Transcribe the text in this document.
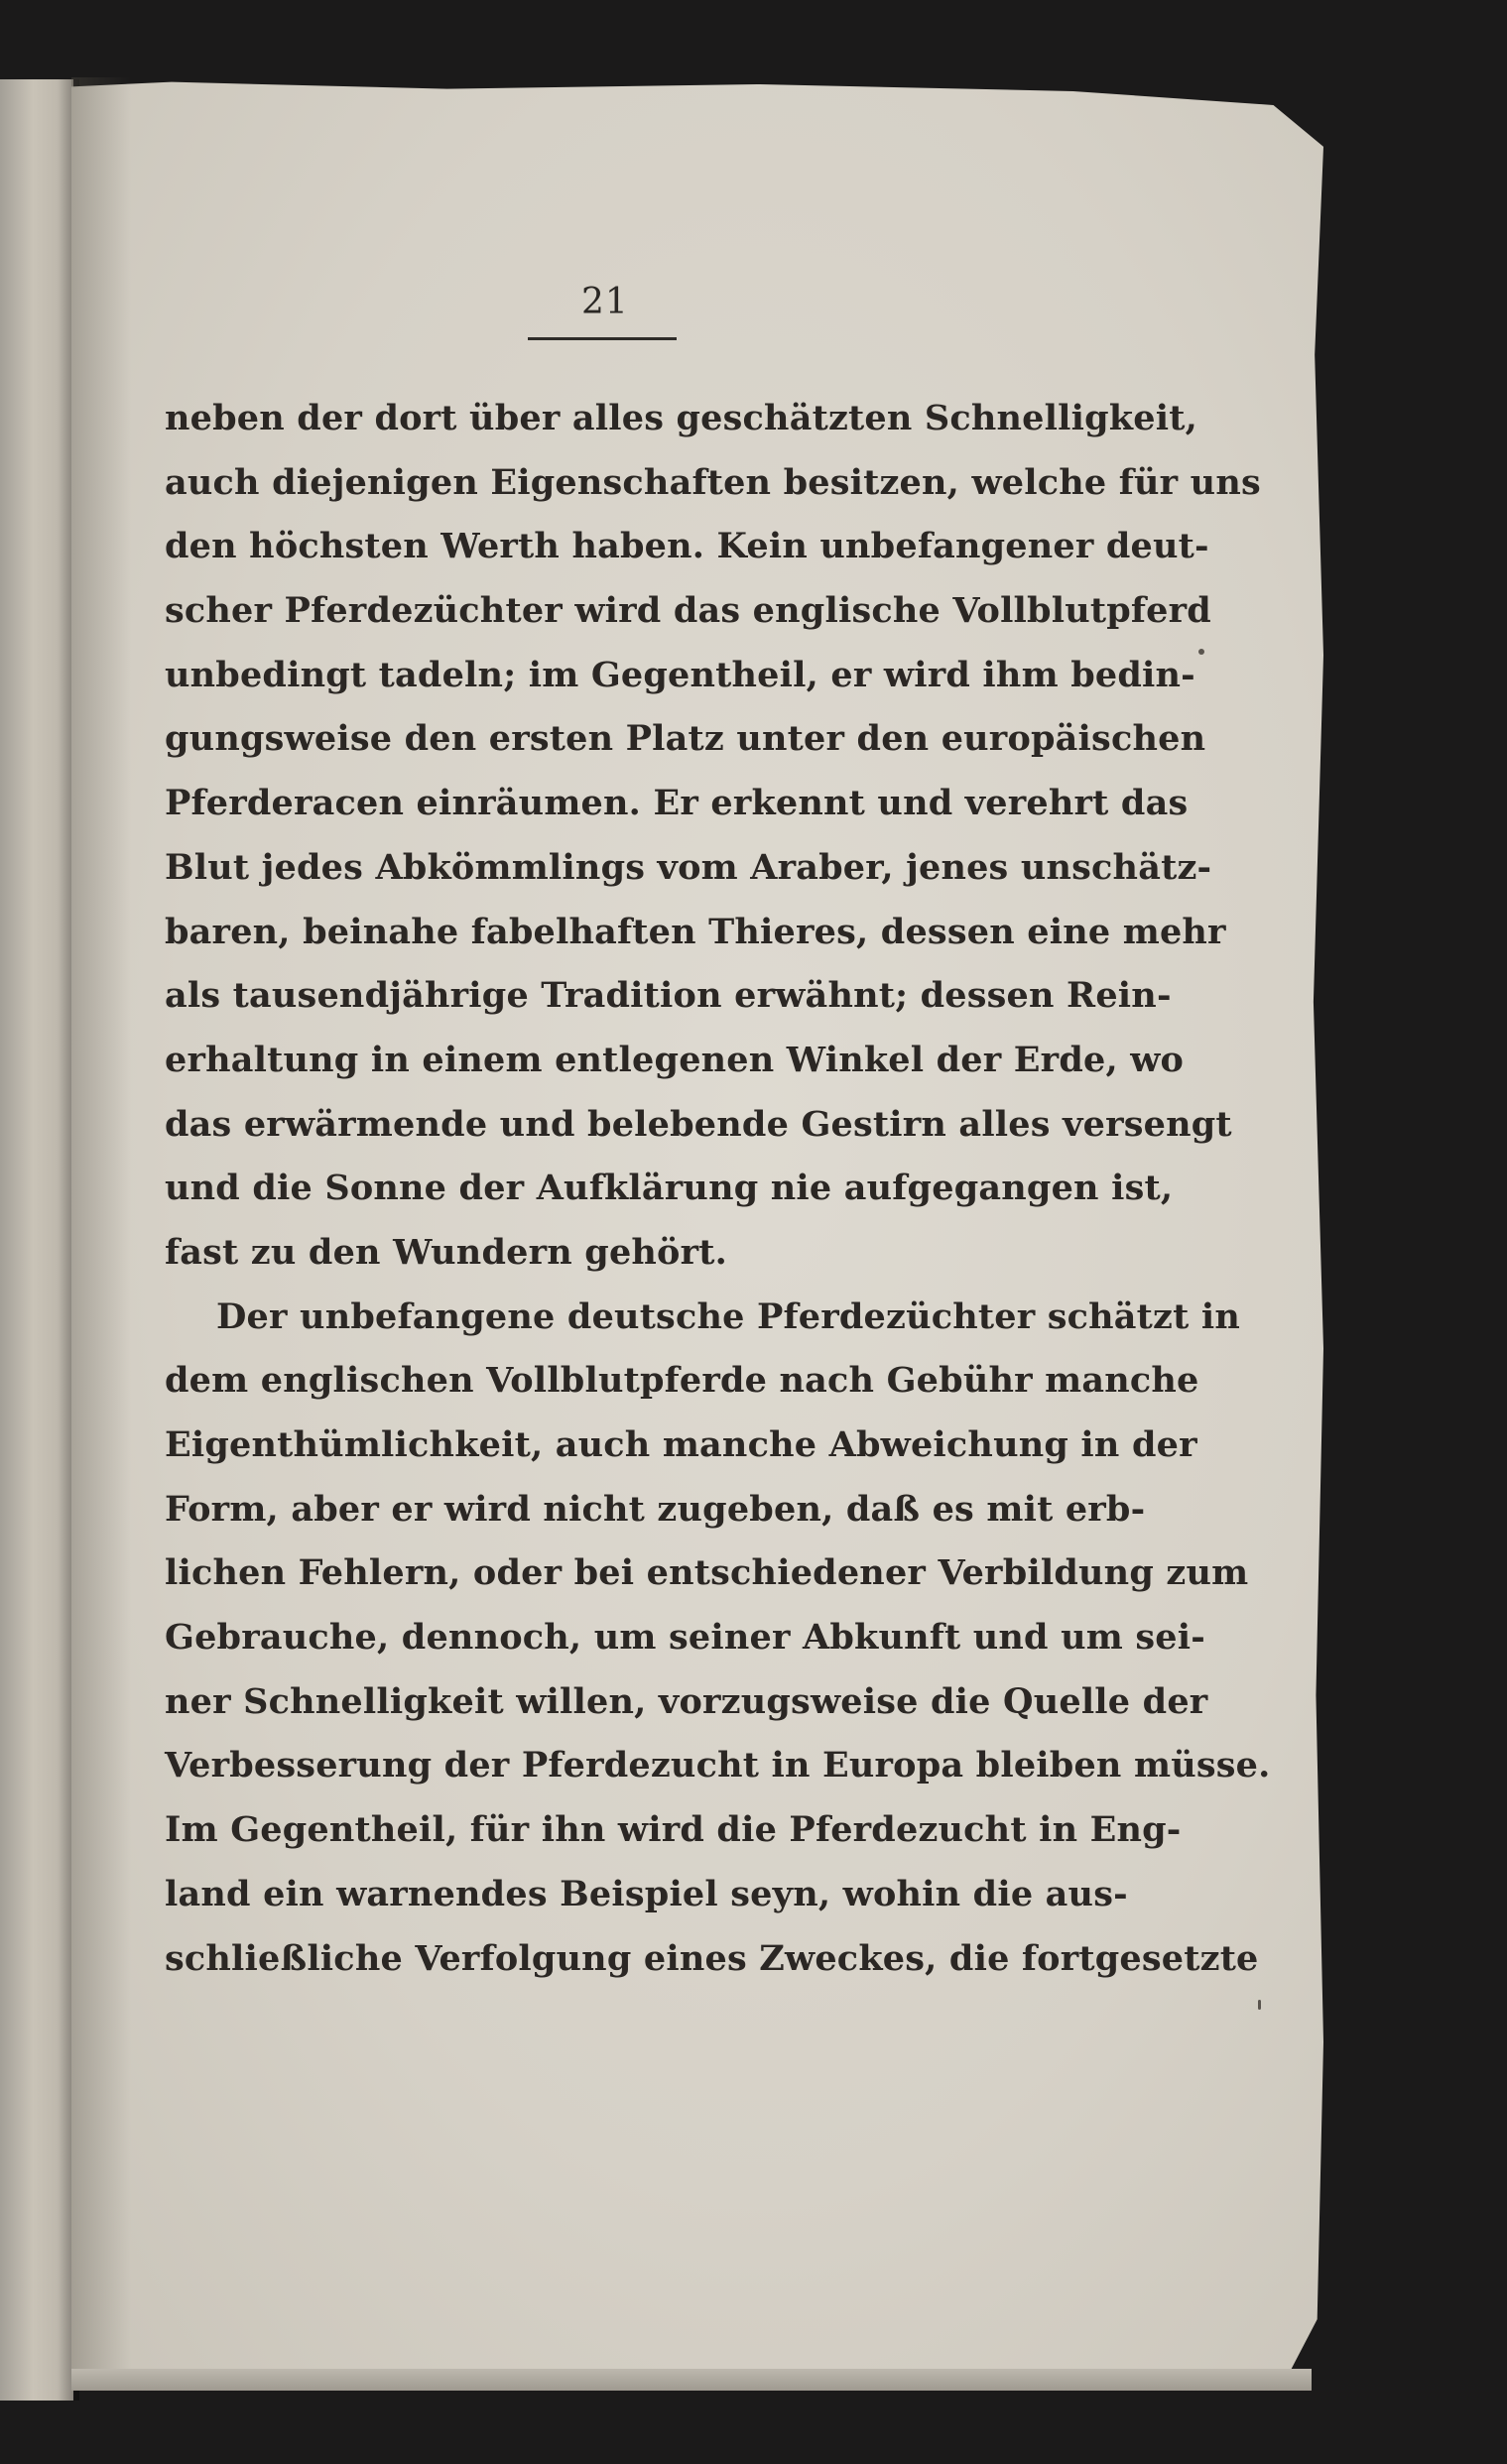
21
neben der dort über alles geschätzten Schnelligkeit,
auch diejenigen Eigenschaften besitzen, welche für uns
den höchsten Werth haben. Kein unbefangener deut-
scher Pferdezüchter wird das englische Vollblutpferd
unbedingt tadeln; im Gegentheil, er wird ihm bedin-
gungsweise den ersten Platz unter den europäischen
Pferderacen einräumen. Er erkennt und verehrt das
Blut jedes Abkömmlings vom Araber, jenes unschätz-
baren, beinahe fabelhaften Thieres, dessen eine mehr
als tausendjährige Tradition erwähnt; dessen Rein-
erhaltung in einem entlegenen Winkel der Erde, wo
das erwärmende und belebende Gestirn alles versengt
und die Sonne der Aufklärung nie aufgegangen ist,
fast zu den Wundern gehört.
Der unbefangene deutsche Pferdezüchter schätzt in
dem englischen Vollblutpferde nach Gebühr manche
Eigenthümlichkeit, auch manche Abweichung in der
Form, aber er wird nicht zugeben, daß es mit erb-
lichen Fehlern, oder bei entschiedener Verbildung zum
Gebrauche, dennoch, um seiner Abkunft und um sei-
ner Schnelligkeit willen, vorzugsweise die Quelle der
Verbesserung der Pferdezucht in Europa bleiben müsse.
Im Gegentheil, für ihn wird die Pferdezucht in Eng-
land ein warnendes Beispiel seyn, wohin die aus-
schließliche Verfolgung eines Zweckes, die fortgesetzte
